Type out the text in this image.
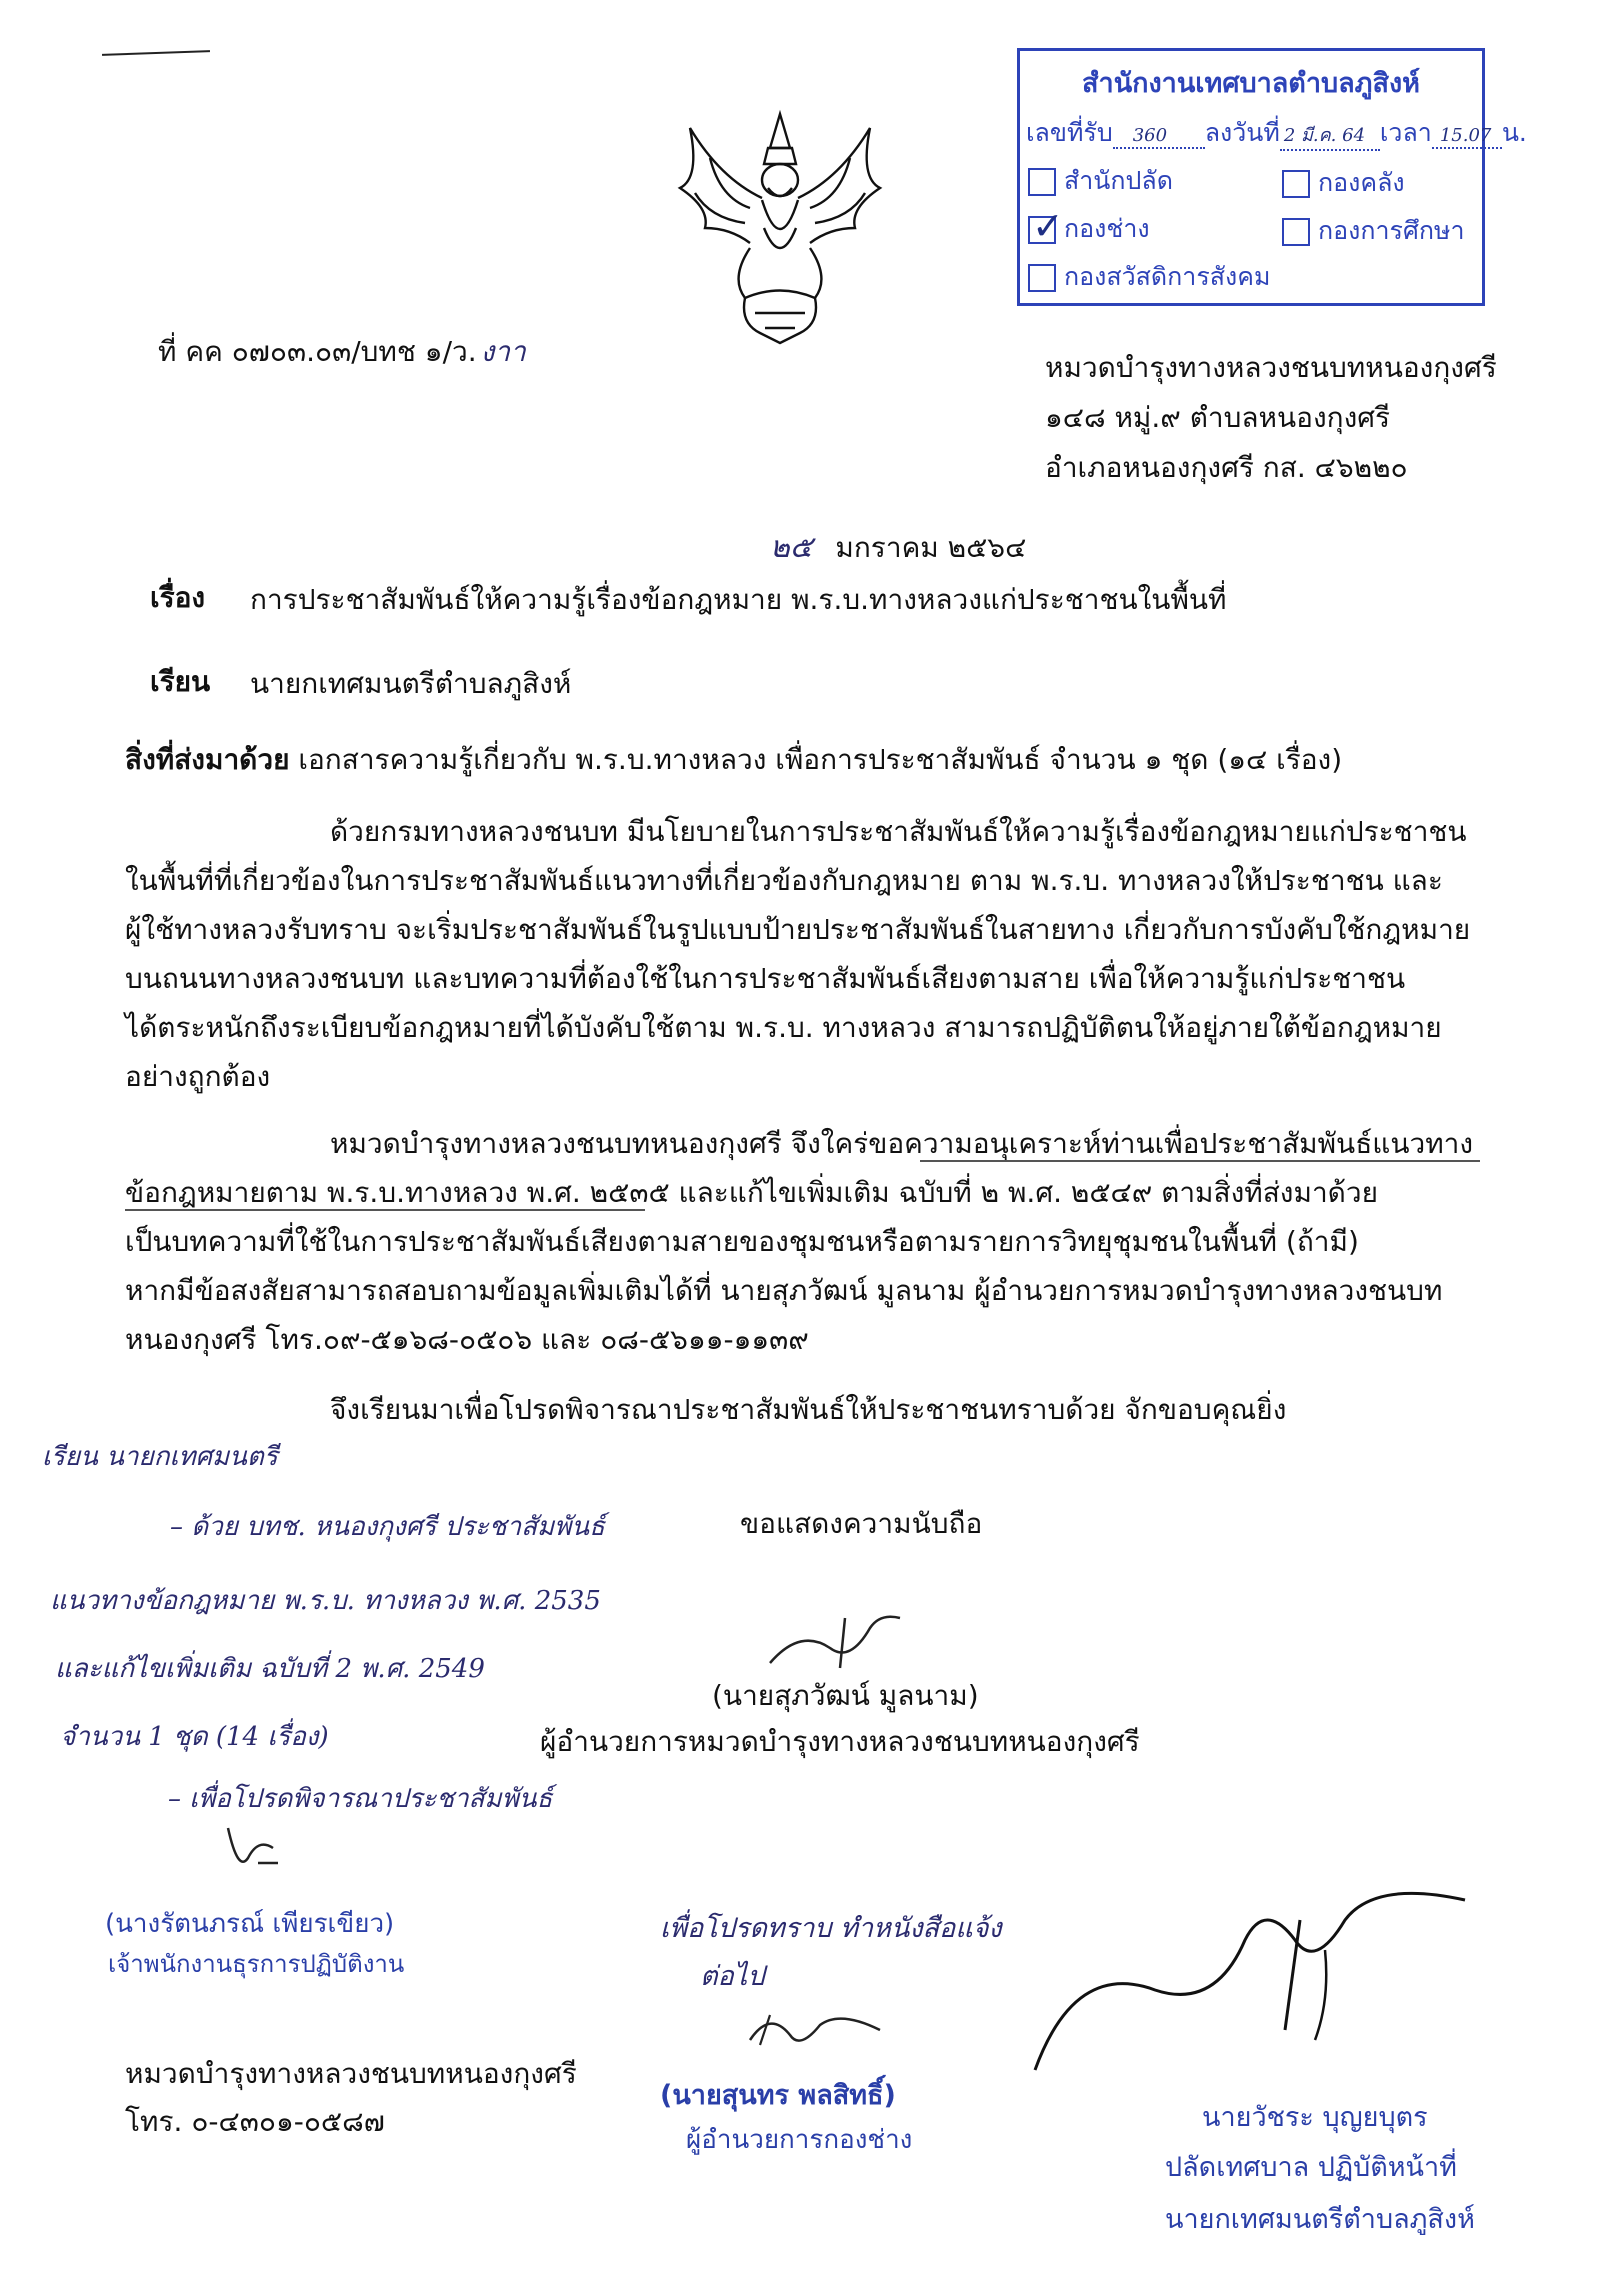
สำนักงานเทศบาลตำบลภูสิงห์
เลขที่รับ 360 ลงวันที่ 2 มี.ค. 64 เวลา 15.07 น.
สำนักปลัด	กองคลัง
✓กองช่าง	กองการศึกษา
กองสวัสดิการสังคม
ที่ คค ๐๗๐๓.๐๓/บทช ๑/ว. งาา	หมวดบำรุงทางหลวงชนบทหนองกุงศรี
๑๔๘ หมู่.๙ ตำบลหนองกุงศรี
อำเภอหนองกุงศรี กส. ๔๖๒๒๐
๒๕ มกราคม ๒๕๖๔
เรื่อง การประชาสัมพันธ์ให้ความรู้เรื่องข้อกฎหมาย พ.ร.บ.ทางหลวงแก่ประชาชนในพื้นที่
เรียน นายกเทศมนตรีตำบลภูสิงห์
สิ่งที่ส่งมาด้วย เอกสารความรู้เกี่ยวกับ พ.ร.บ.ทางหลวง เพื่อการประชาสัมพันธ์ จำนวน ๑ ชุด (๑๔ เรื่อง)
ด้วยกรมทางหลวงชนบท มีนโยบายในการประชาสัมพันธ์ให้ความรู้เรื่องข้อกฎหมายแก่ประชาชน
ในพื้นที่ที่เกี่ยวข้องในการประชาสัมพันธ์แนวทางที่เกี่ยวข้องกับกฎหมาย ตาม พ.ร.บ. ทางหลวงให้ประชาชน และ
ผู้ใช้ทางหลวงรับทราบ จะเริ่มประชาสัมพันธ์ในรูปแบบป้ายประชาสัมพันธ์ในสายทาง เกี่ยวกับการบังคับใช้กฎหมาย
บนถนนทางหลวงชนบท และบทความที่ต้องใช้ในการประชาสัมพันธ์เสียงตามสาย เพื่อให้ความรู้แก่ประชาชน
ได้ตระหนักถึงระเบียบข้อกฎหมายที่ได้บังคับใช้ตาม พ.ร.บ. ทางหลวง สามารถปฏิบัติตนให้อยู่ภายใต้ข้อกฎหมาย
อย่างถูกต้อง
หมวดบำรุงทางหลวงชนบทหนองกุงศรี จึงใคร่ขอความอนุเคราะห์ท่านเพื่อประชาสัมพันธ์แนวทาง
ข้อกฎหมายตาม พ.ร.บ.ทางหลวง พ.ศ. ๒๕๓๕ และแก้ไขเพิ่มเติม ฉบับที่ ๒ พ.ศ. ๒๕๔๙ ตามสิ่งที่ส่งมาด้วย
เป็นบทความที่ใช้ในการประชาสัมพันธ์เสียงตามสายของชุมชนหรือตามรายการวิทยุชุมชนในพื้นที่ (ถ้ามี)
หากมีข้อสงสัยสามารถสอบถามข้อมูลเพิ่มเติมได้ที่ นายสุภวัฒน์ มูลนาม ผู้อำนวยการหมวดบำรุงทางหลวงชนบท
หนองกุงศรี โทร.๐๙-๕๑๖๘-๐๕๐๖ และ ๐๘-๕๖๑๑-๑๑๓๙
จึงเรียนมาเพื่อโปรดพิจารณาประชาสัมพันธ์ให้ประชาชนทราบด้วย จักขอบคุณยิ่ง
เรียน นายกเทศมนตรี
– ด้วย บทช. หนองกุงศรี ประชาสัมพันธ์
แนวทางข้อกฎหมาย พ.ร.บ. ทางหลวง พ.ศ. 2535
และแก้ไขเพิ่มเติม ฉบับที่ 2 พ.ศ. 2549
จำนวน 1 ชุด (14 เรื่อง)
– เพื่อโปรดพิจารณาประชาสัมพันธ์
ขอแสดงความนับถือ
(นายสุภวัฒน์ มูลนาม)
ผู้อำนวยการหมวดบำรุงทางหลวงชนบทหนองกุงศรี
(นางรัตนภรณ์ เพียรเขียว)
เจ้าพนักงานธุรการปฏิบัติงาน
เพื่อโปรดทราบ ทำหนังสือแจ้ง
ต่อไป
(นายสุนทร พลสิทธิ์)
ผู้อำนวยการกองช่าง
หมวดบำรุงทางหลวงชนบทหนองกุงศรี
โทร. ๐-๔๓๐๑-๐๕๘๗	นายวัชระ บุญยบุตร
ปลัดเทศบาล ปฏิบัติหน้าที่
นายกเทศมนตรีตำบลภูสิงห์
